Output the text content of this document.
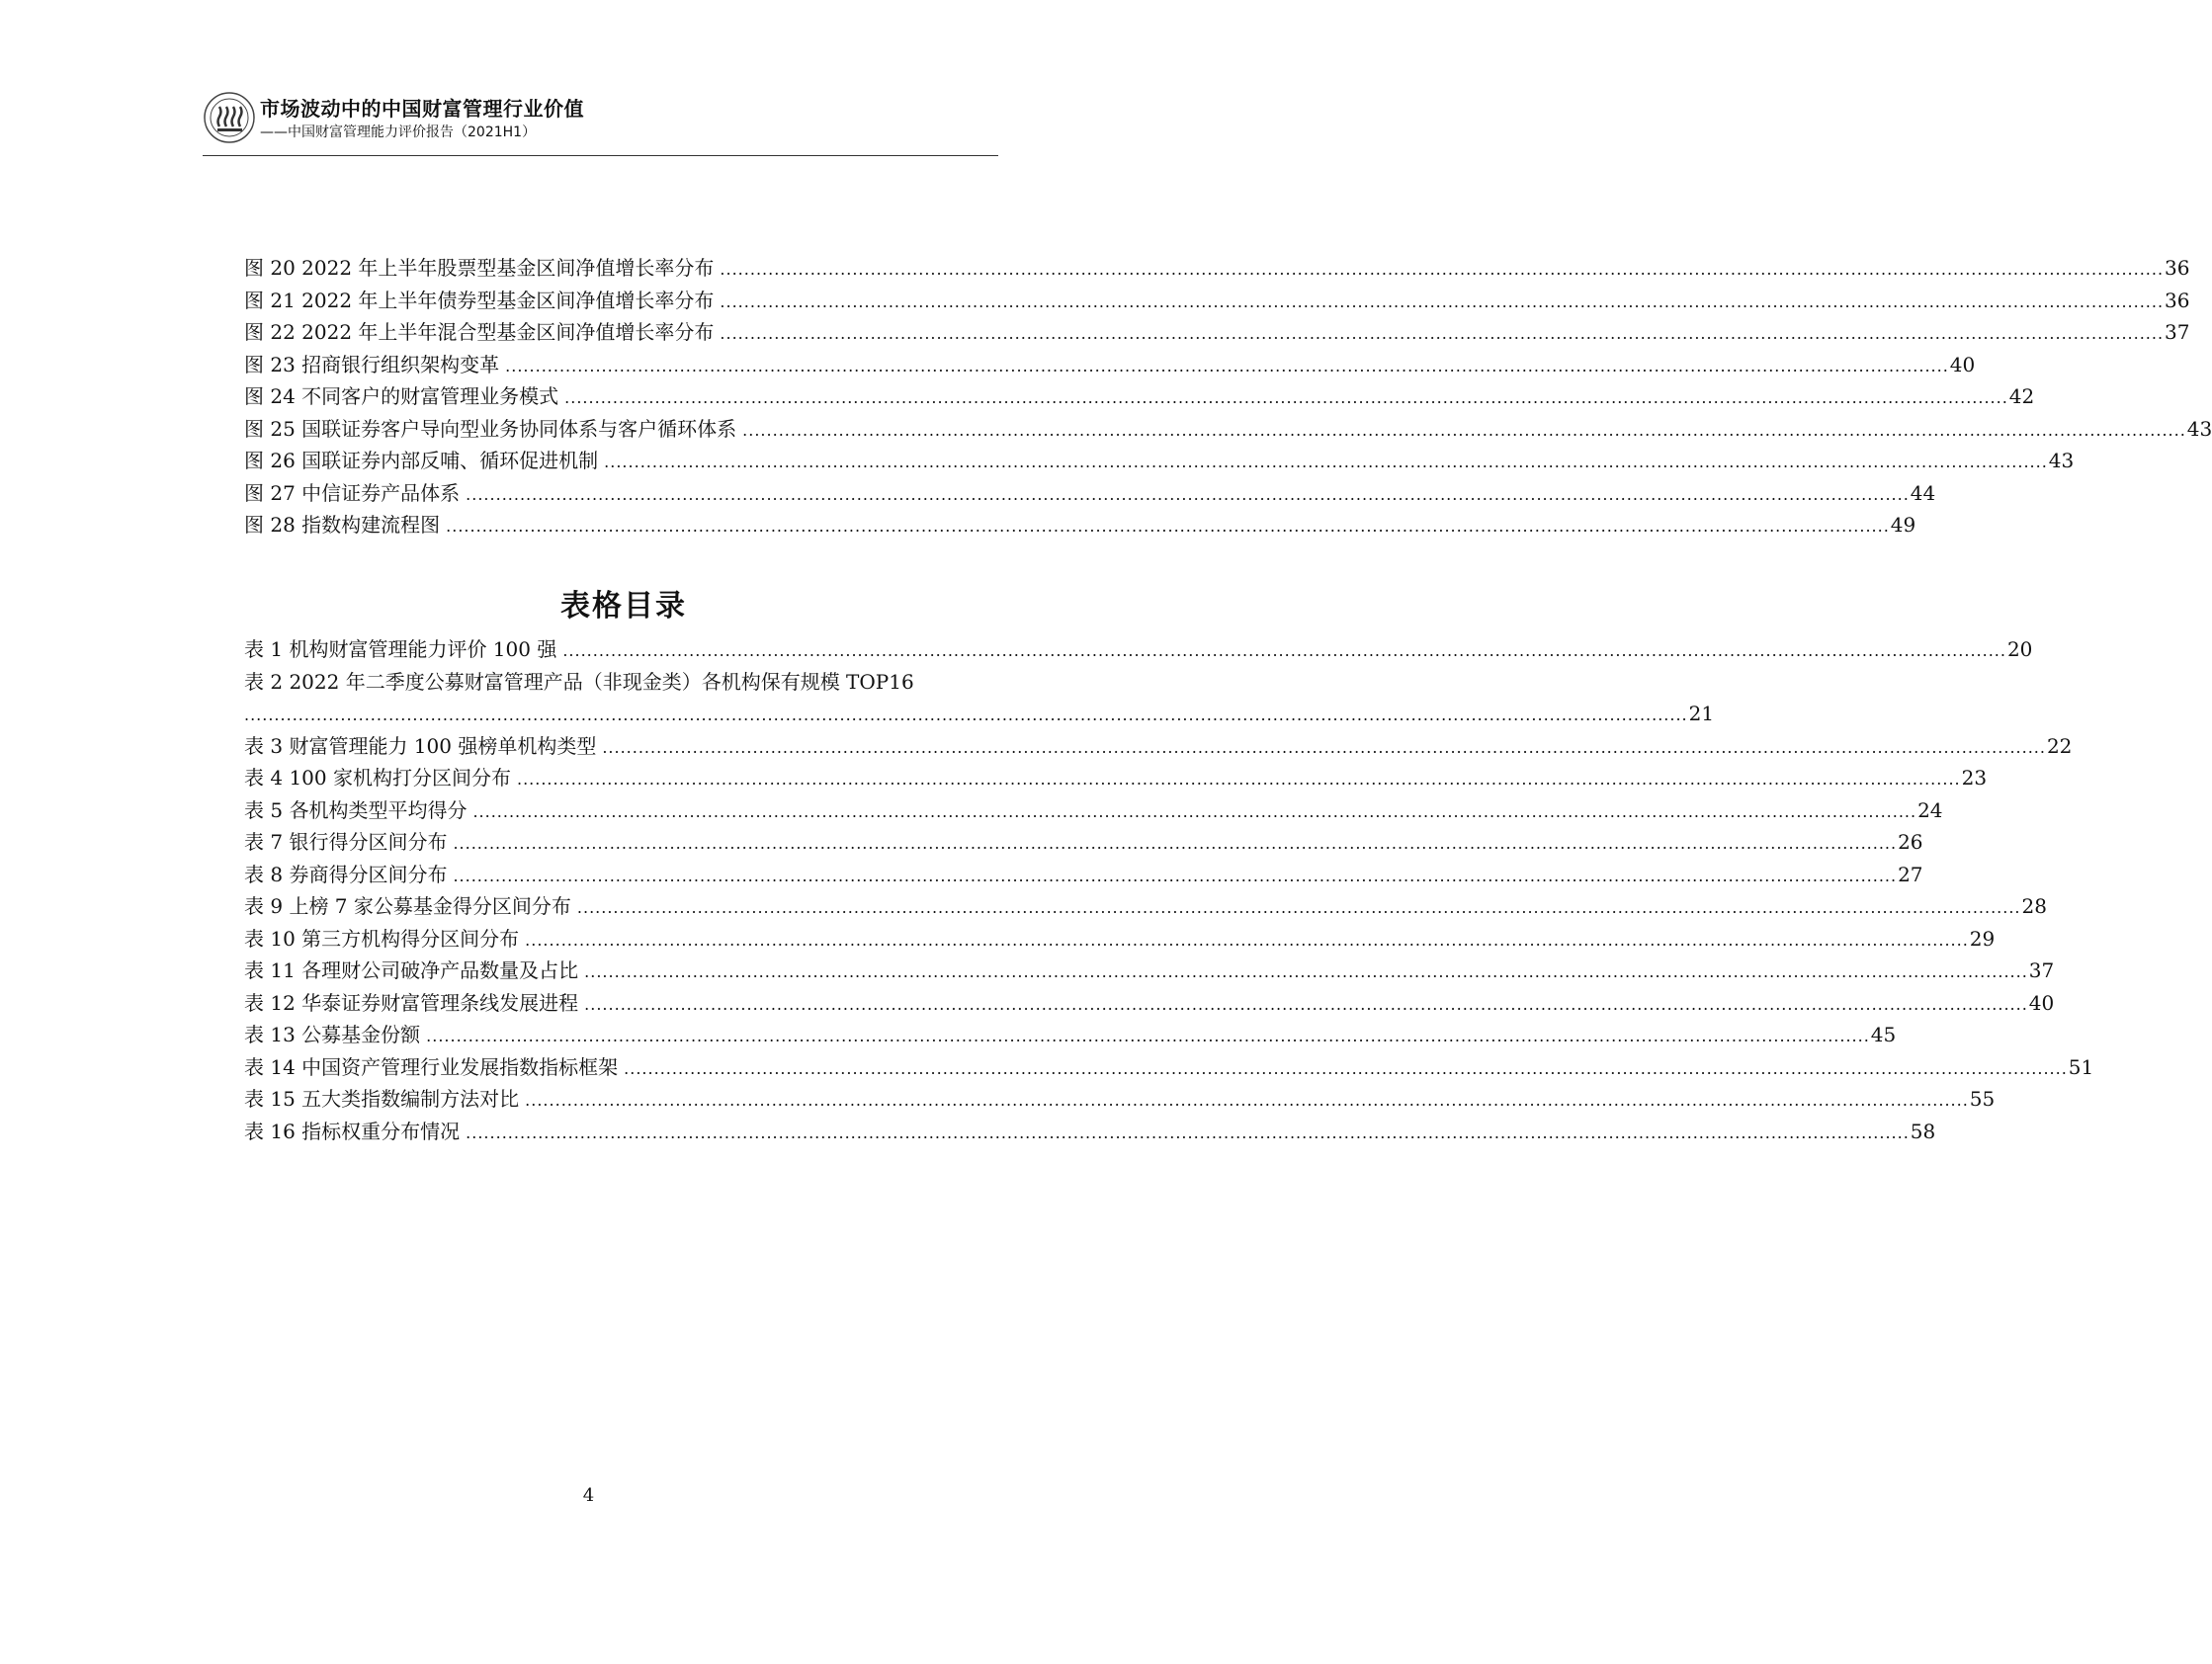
市场波动中的中国财富管理行业价值
——中国财富管理能力评价报告（2021H1）
图 20 2022 年上半年股票型基金区间净值增长率分布 ................................................................................................................................................................................................................................................ 36
图 21 2022 年上半年债券型基金区间净值增长率分布 ................................................................................................................................................................................................................................................ 36
图 22 2022 年上半年混合型基金区间净值增长率分布 ................................................................................................................................................................................................................................................ 37
图 23 招商银行组织架构变革 ................................................................................................................................................................................................................................................ 40
图 24 不同客户的财富管理业务模式 ................................................................................................................................................................................................................................................ 42
图 25 国联证券客户导向型业务协同体系与客户循环体系 ................................................................................................................................................................................................................................................ 43
图 26 国联证券内部反哺、循环促进机制 ................................................................................................................................................................................................................................................ 43
图 27 中信证券产品体系 ................................................................................................................................................................................................................................................ 44
图 28 指数构建流程图 ................................................................................................................................................................................................................................................ 49
表格目录
表 1 机构财富管理能力评价 100 强 ................................................................................................................................................................................................................................................ 20
表 2 2022 年二季度公募财富管理产品（非现金类）各机构保有规模 TOP16
................................................................................................................................................................................................................................................ 21
表 3 财富管理能力 100 强榜单机构类型 ................................................................................................................................................................................................................................................ 22
表 4 100 家机构打分区间分布 ................................................................................................................................................................................................................................................ 23
表 5 各机构类型平均得分 ................................................................................................................................................................................................................................................ 24
表 7 银行得分区间分布 ................................................................................................................................................................................................................................................ 26
表 8 券商得分区间分布 ................................................................................................................................................................................................................................................ 27
表 9 上榜 7 家公募基金得分区间分布 ................................................................................................................................................................................................................................................ 28
表 10 第三方机构得分区间分布 ................................................................................................................................................................................................................................................ 29
表 11 各理财公司破净产品数量及占比 ................................................................................................................................................................................................................................................ 37
表 12 华泰证券财富管理条线发展进程 ................................................................................................................................................................................................................................................ 40
表 13 公募基金份额 ................................................................................................................................................................................................................................................ 45
表 14 中国资产管理行业发展指数指标框架 ................................................................................................................................................................................................................................................ 51
表 15 五大类指数编制方法对比 ................................................................................................................................................................................................................................................ 55
表 16 指标权重分布情况 ................................................................................................................................................................................................................................................ 58
4
